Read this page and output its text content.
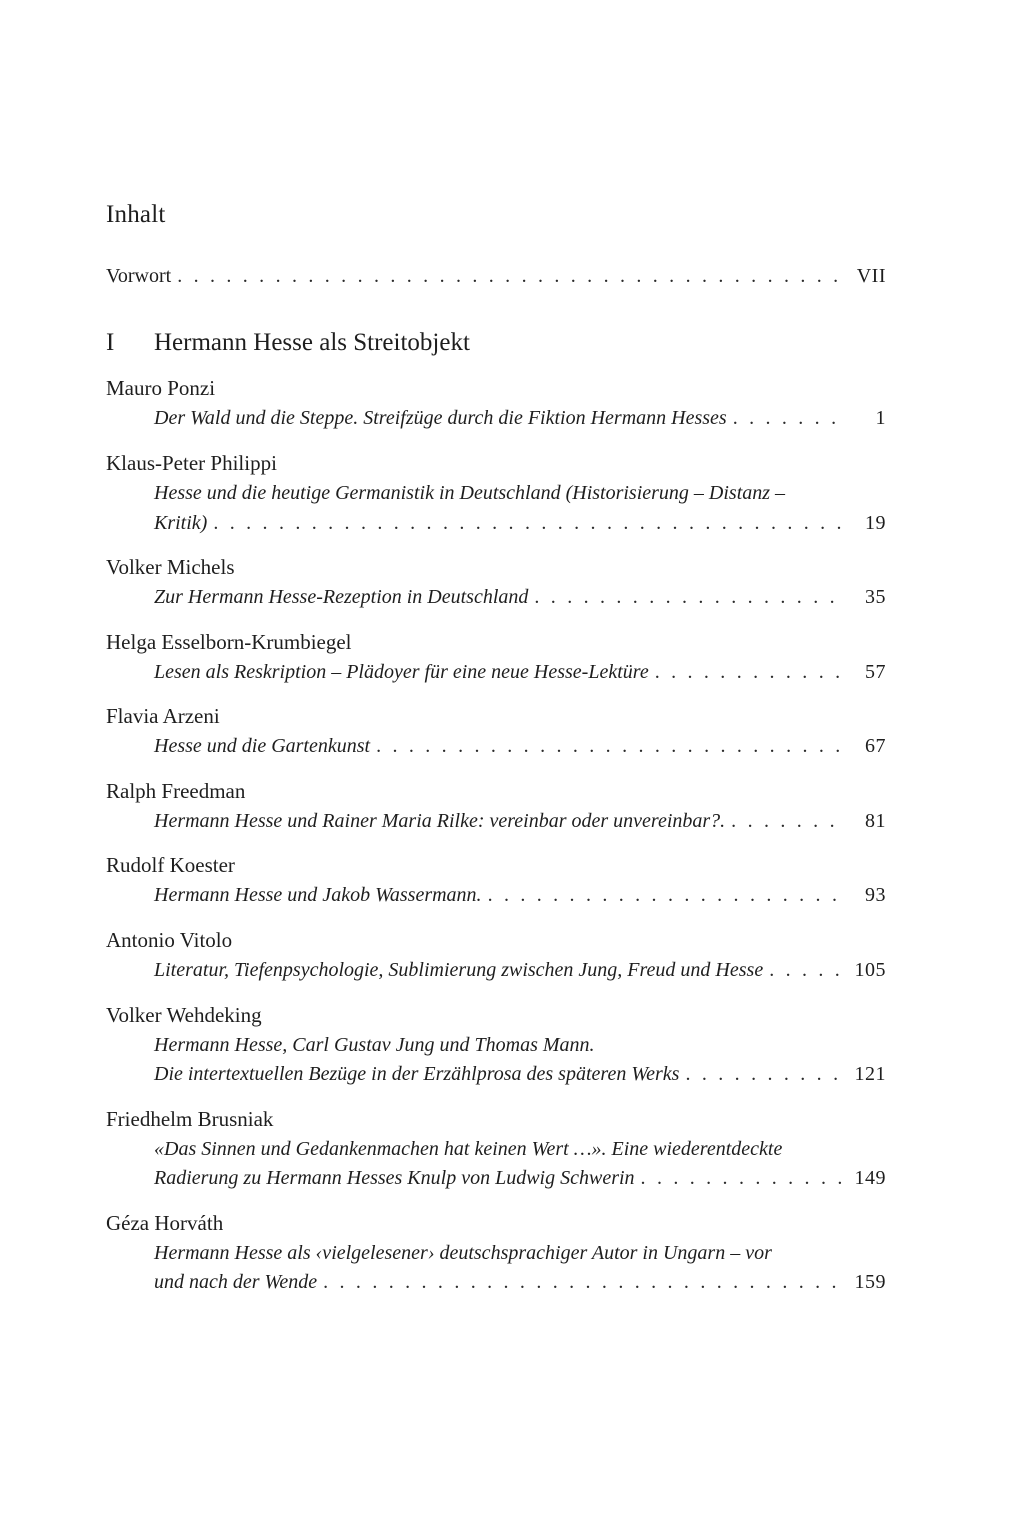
Inhalt
Vorwort . . .	VII
I Hermann Hesse als Streitobjekt
Mauro Ponzi
Der Wald und die Steppe. Streifzüge durch die Fiktion Hermann Hesses . . .	1
Klaus-Peter Philippi
Hesse und die heutige Germanistik in Deutschland (Historisierung – Distanz –
Kritik) . . .	19
Volker Michels
Zur Hermann Hesse-Rezeption in Deutschland . . .	35
Helga Esselborn-Krumbiegel
Lesen als Reskription – Plädoyer für eine neue Hesse-Lektüre . . .	57
Flavia Arzeni
Hesse und die Gartenkunst . . .	67
Ralph Freedman
Hermann Hesse und Rainer Maria Rilke: vereinbar oder unvereinbar?. . . .	81
Rudolf Koester
Hermann Hesse und Jakob Wassermann. . . .	93
Antonio Vitolo
Literatur, Tiefenpsychologie, Sublimierung zwischen Jung, Freud und Hesse . . .	105
Volker Wehdeking
Hermann Hesse, Carl Gustav Jung und Thomas Mann.
Die intertextuellen Bezüge in der Erzählprosa des späteren Werks . . .	121
Friedhelm Brusniak
«Das Sinnen und Gedankenmachen hat keinen Wert …». Eine wiederentdeckte
Radierung zu Hermann Hesses Knulp von Ludwig Schwerin . . .	149
Géza Horváth
Hermann Hesse als ‹vielgelesener› deutschsprachiger Autor in Ungarn – vor
und nach der Wende . . .	159
